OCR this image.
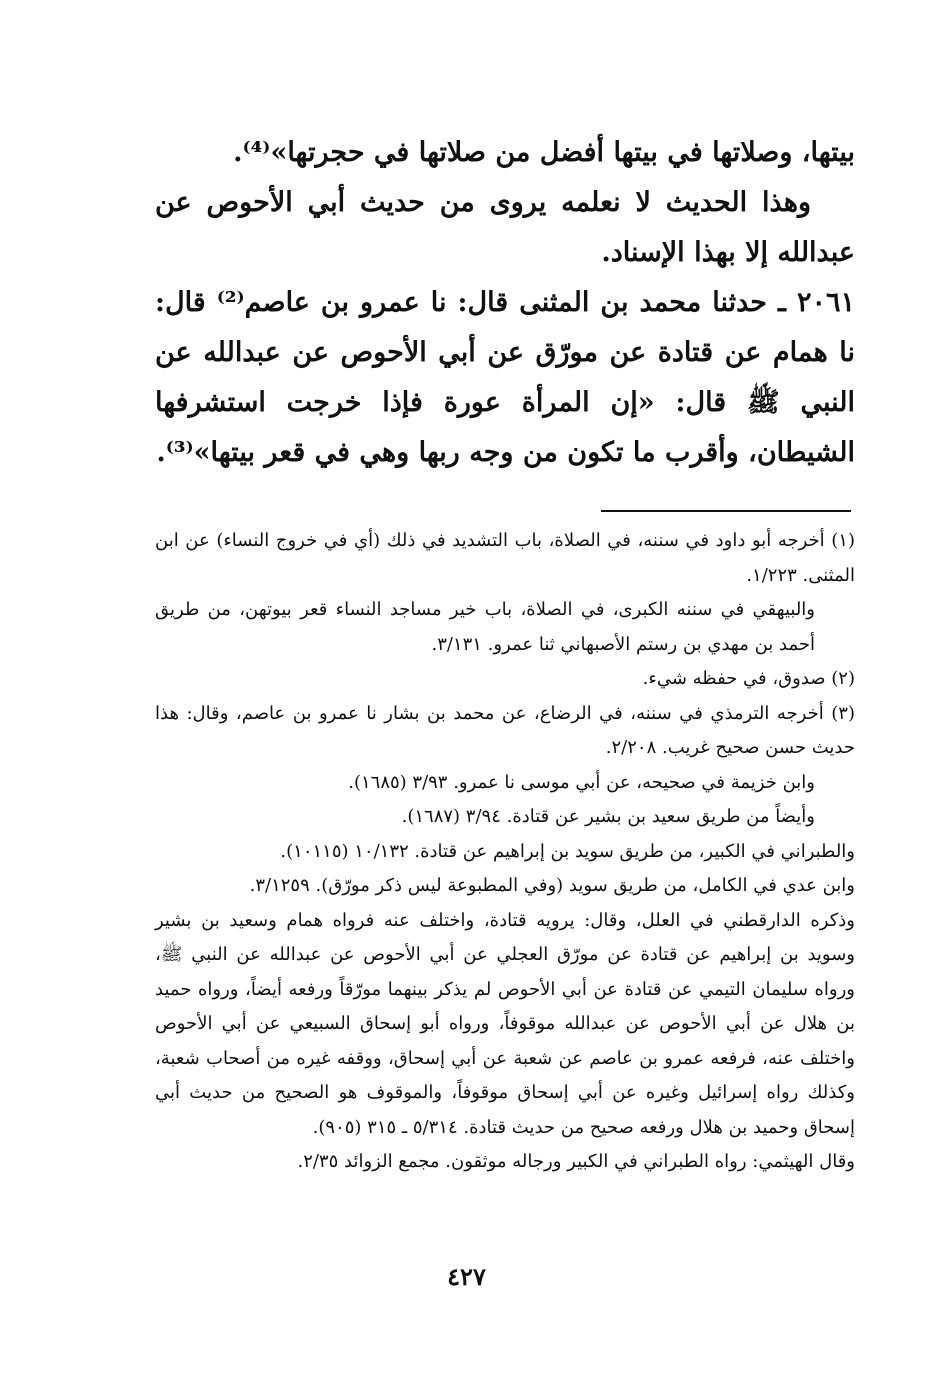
بيتها، وصلاتها في بيتها أفضل من صلاتها في حجرتها»⁽⁴⁾.

وهذا الحديث لا نعلمه يروى من حديث أبي الأحوص عن عبدالله إلا بهذا الإسناد.

٢٠٦١ ـ حدثنا محمد بن المثنى قال: نا عمرو بن عاصم⁽²⁾ قال: نا همام عن قتادة عن مورّق عن أبي الأحوص عن عبدالله عن النبي ﷺ قال: «إن المرأة عورة فإذا خرجت استشرفها الشيطان، وأقرب ما تكون من وجه ربها وهي في قعر بيتها»⁽³⁾.

(١) أخرجه أبو داود في سننه، في الصلاة، باب التشديد في ذلك (أي في خروج النساء) عن ابن المثنى. ١/٢٢٣.

والبيهقي في سننه الكبرى، في الصلاة، باب خير مساجد النساء قعر بيوتهن، من طريق أحمد بن مهدي بن رستم الأصبهاني ثنا عمرو. ٣/١٣١.

(٢) صدوق، في حفظه شيء.

(٣) أخرجه الترمذي في سننه، في الرضاع، عن محمد بن بشار نا عمرو بن عاصم، وقال: هذا حديث حسن صحيح غريب. ٢/٢٠٨.

وابن خزيمة في صحيحه، عن أبي موسى نا عمرو. ٣/٩٣ (١٦٨٥).

وأيضاً من طريق سعيد بن بشير عن قتادة. ٣/٩٤ (١٦٨٧).

والطبراني في الكبير، من طريق سويد بن إبراهيم عن قتادة. ١٠/١٣٢ (١٠١١٥).

وابن عدي في الكامل، من طريق سويد (وفي المطبوعة ليس ذكر مورّق). ٣/١٢٥٩.

وذكره الدارقطني في العلل، وقال: يرويه قتادة، واختلف عنه فرواه همام وسعيد بن بشير وسويد بن إبراهيم عن قتادة عن مورّق العجلي عن أبي الأحوص عن عبدالله عن النبي ﷺ، ورواه سليمان التيمي عن قتادة عن أبي الأحوص لم يذكر بينهما مورّقاً ورفعه أيضاً، ورواه حميد بن هلال عن أبي الأحوص عن عبدالله موقوفاً، ورواه أبو إسحاق السبيعي عن أبي الأحوص واختلف عنه، فرفعه عمرو بن عاصم عن شعبة عن أبي إسحاق، ووقفه غيره من أصحاب شعبة، وكذلك رواه إسرائيل وغيره عن أبي إسحاق موقوفاً، والموقوف هو الصحيح من حديث أبي إسحاق وحميد بن هلال ورفعه صحيح من حديث قتادة. ٥/٣١٤ ـ ٣١٥ (٩٠٥).

وقال الهيثمي: رواه الطبراني في الكبير ورجاله موثقون. مجمع الزوائد ٢/٣٥.

٤٢٧
